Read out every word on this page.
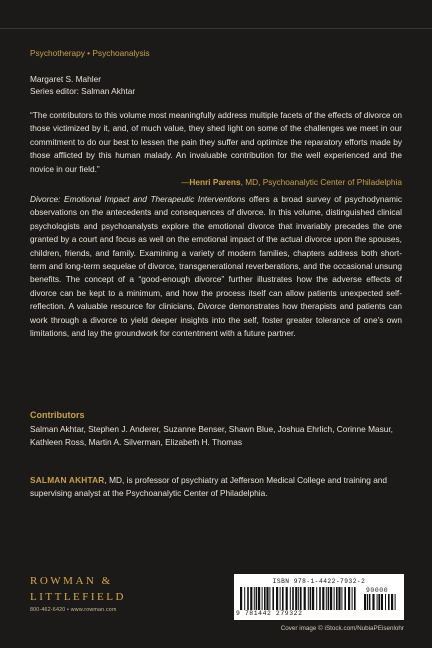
Psychotherapy • Psychoanalysis
Margaret S. Mahler
Series editor: Salman Akhtar
“The contributors to this volume most meaningfully address multiple facets of the effects of divorce on those victimized by it, and, of much value, they shed light on some of the challenges we meet in our commitment to do our best to lessen the pain they suffer and optimize the reparatory efforts made by those afflicted by this human malady. An invaluable contribution for the well experienced and the novice in our field.”
—Henri Parens, MD, Psychoanalytic Center of Philadelphia
Divorce: Emotional Impact and Therapeutic Interventions offers a broad survey of psychodynamic observations on the antecedents and consequences of divorce. In this volume, distinguished clinical psychologists and psychoanalysts explore the emotional divorce that invariably precedes the one granted by a court and focus as well on the emotional impact of the actual divorce upon the spouses, children, friends, and family. Examining a variety of modern families, chapters address both short-term and long-term sequelae of divorce, transgenerational reverberations, and the occasional unsung benefits. The concept of a “good-enough divorce” further illustrates how the adverse effects of divorce can be kept to a minimum, and how the process itself can allow patients unexpected self-reflection. A valuable resource for clinicians, Divorce demonstrates how therapists and patients can work through a divorce to yield deeper insights into the self, foster greater tolerance of one’s own limitations, and lay the groundwork for contentment with a future partner.
Contributors
Salman Akhtar, Stephen J. Anderer, Suzanne Benser, Shawn Blue, Joshua Ehrlich, Corinne Masur, Kathleen Ross, Martin A. Silverman, Elizabeth H. Thomas
SALMAN AKHTAR, MD, is professor of psychiatry at Jefferson Medical College and training and supervising analyst at the Psychoanalytic Center of Philadelphia.
ROWMAN &
LITTLEFIELD
800-462-6420 • www.rowman.com
ISBN 978-1-4422-7932-2
90000
9 781442 279322
Cover image © iStock.com/NubiaPEisenlohr
